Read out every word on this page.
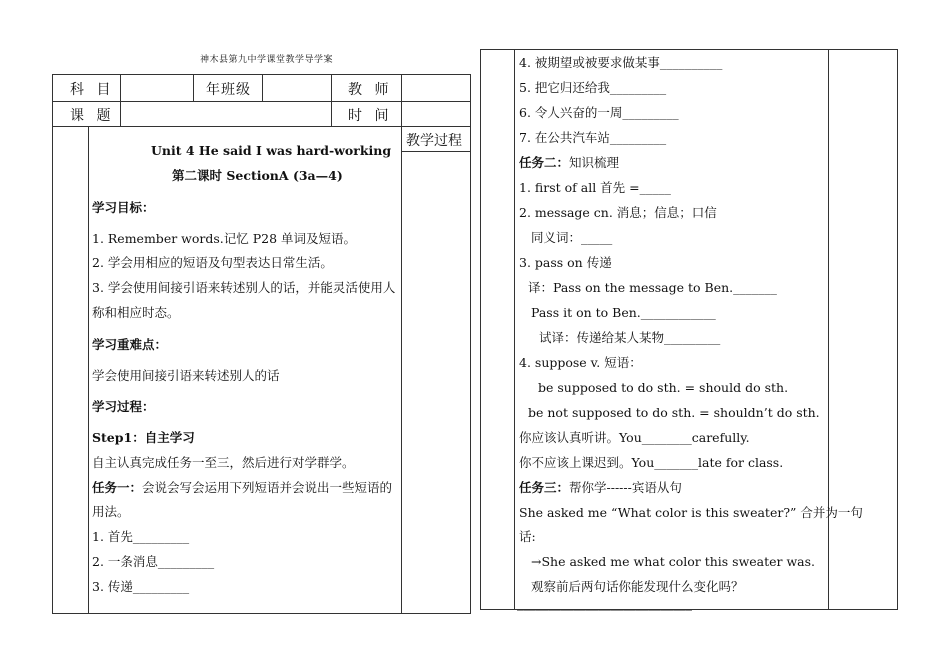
神木县第九中学课堂教学导学案
科 目	年班级	教 师
课 题	时 间
教学过程
Unit 4 He said I was hard-working
第二课时 SectionA (3a—4)
学习目标：
1. Remember words.记忆 P28 单词及短语。
2. 学会用相应的短语及句型表达日常生活。
3. 学会使用间接引语来转述别人的话，并能灵活使用人
称和相应时态。
学习重难点：
学会使用间接引语来转述别人的话
学习过程：
Step1：自主学习
自主认真完成任务一至三，然后进行对学群学。
任务一：会说会写会运用下列短语并会说出一些短语的
用法。
1. 首先_________
2. 一条消息_________
3. 传递_________
4. 被期望或被要求做某事__________
5. 把它归还给我_________
6. 令人兴奋的一周_________
7. 在公共汽车站_________
任务二：知识梳理
1. first of all 首先 =_____
2. message cn. 消息；信息；口信
同义词：_____
3. pass on 传递
译：Pass on the message to Ben._______
Pass it on to Ben.____________
试译：传递给某人某物_________
4. suppose v. 短语：
be supposed to do sth. = should do sth.
be not supposed to do sth. = shouldn’t do sth.
你应该认真听讲。You________carefully.
你不应该上课迟到。You_______late for class.
任务三：帮你学------宾语从句
She asked me “What color is this sweater?” 合并为一句
话:
→She asked me what color this sweater was.
观察前后两句话你能发现什么变化吗？
____________________________
